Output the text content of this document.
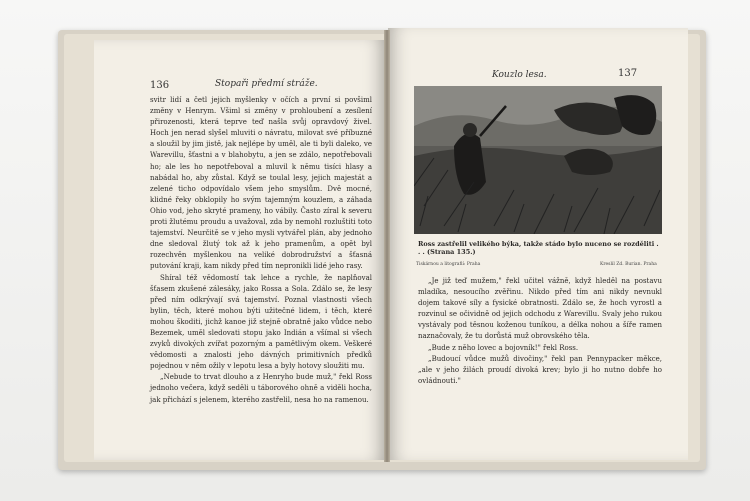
136	Stopaři předmí stráže.

svitr lidí a četl jejich myšlenky v očích a první si povšiml změny v Henrym. Všiml si změny v prohloubení a zesílení přirozenosti, která teprve teď našla svůj opravdový živel. Hoch jen nerad slyšel mluviti o návratu, milovat své příbuzné a sloužil by jim jistě, jak nejlépe by uměl, ale ti byli daleko, ve Warevillu, šťastni a v blahobytu, a jen se zdálo, nepotřebovali ho; ale les ho nepotřeboval a mluvil k němu tisíci hlasy a nabádal ho, aby zůstal. Když se toulal lesy, jejich majestát a zelené ticho odpovídalo všem jeho smyslům. Dvě mocné, klidné řeky obklopily ho svým tajemným kouzlem, a záhada Ohio vod, jeho skryté prameny, ho vábily. Často zíral k severu proti žlutému proudu a uvažoval, zda by nemohl rozluštiti toto tajemství. Neurčitě se v jeho mysli vytvářel plán, aby jednoho dne sledoval žlutý tok až k jeho pramenům, a opět byl rozechvěn myšlenkou na veliké dobrodružství a šťasná putování kraji, kam nikdy před tím nepronikli lidé jeho rasy.

Shíral též vědomostí tak lehce a rychle, že naplňoval šťasem zkušené zálesáky, jako Rossa a Sola. Zdálo se, že lesy před ním odkrývají svá tajemství. Poznal vlastnosti všech bylin, těch, které mohou býti užitečné lidem, i těch, které mohou škoditi, jichž kanoe již stejně obratně jako vůdce nebo Bezemek, uměl sledovati stopu jako Indián a všímal si všech zvyků divokých zvířat pozorným a pamětlivým okem. Veškeré vědomosti a znalosti jeho dávných primitivních předků pojednou v něm ožily v lepotu lesa a byly hotovy sloužiti mu.

„Nebude to trvat dlouho a z Henryho bude muž," řekl Ross jednoho večera, když seděli u táborového ohně a viděli hocha, jak přichází s jelenem, kterého zastřelil, nesa ho na ramenou.

Kouzlo lesa.	137
Ross zastřelil velikého býka, takže stádo bylo nuceno se rozděliti . . . (Strana 135.)
Tiskárnou a litografií: Praha	Kreslil Zd. Burian. Praha

„Je již teď mužem," řekl učitel vážně, když hleděl na postavu mladíka, nesoucího zvěřinu. Nikdo před tím ani nikdy nevnukl dojem takové síly a fysické obratnosti. Zdálo se, že hoch vyrostl a rozvinul se očividně od jejich odchodu z Warevillu. Svaly jeho rukou vystávaly pod těsnou koženou tuníkou, a délka nohou a šíře ramen naznačovaly, že tu dorůstá muž obrovského těla.

„Bude z něho lovec a bojovník!" řekl Ross.

„Budoucí vůdce mužů divočiny," řekl pan Pennypacker měkce, „ale v jeho žilách proudí divoká krev; bylo ji ho nutno dobře ho ovládnouti."
